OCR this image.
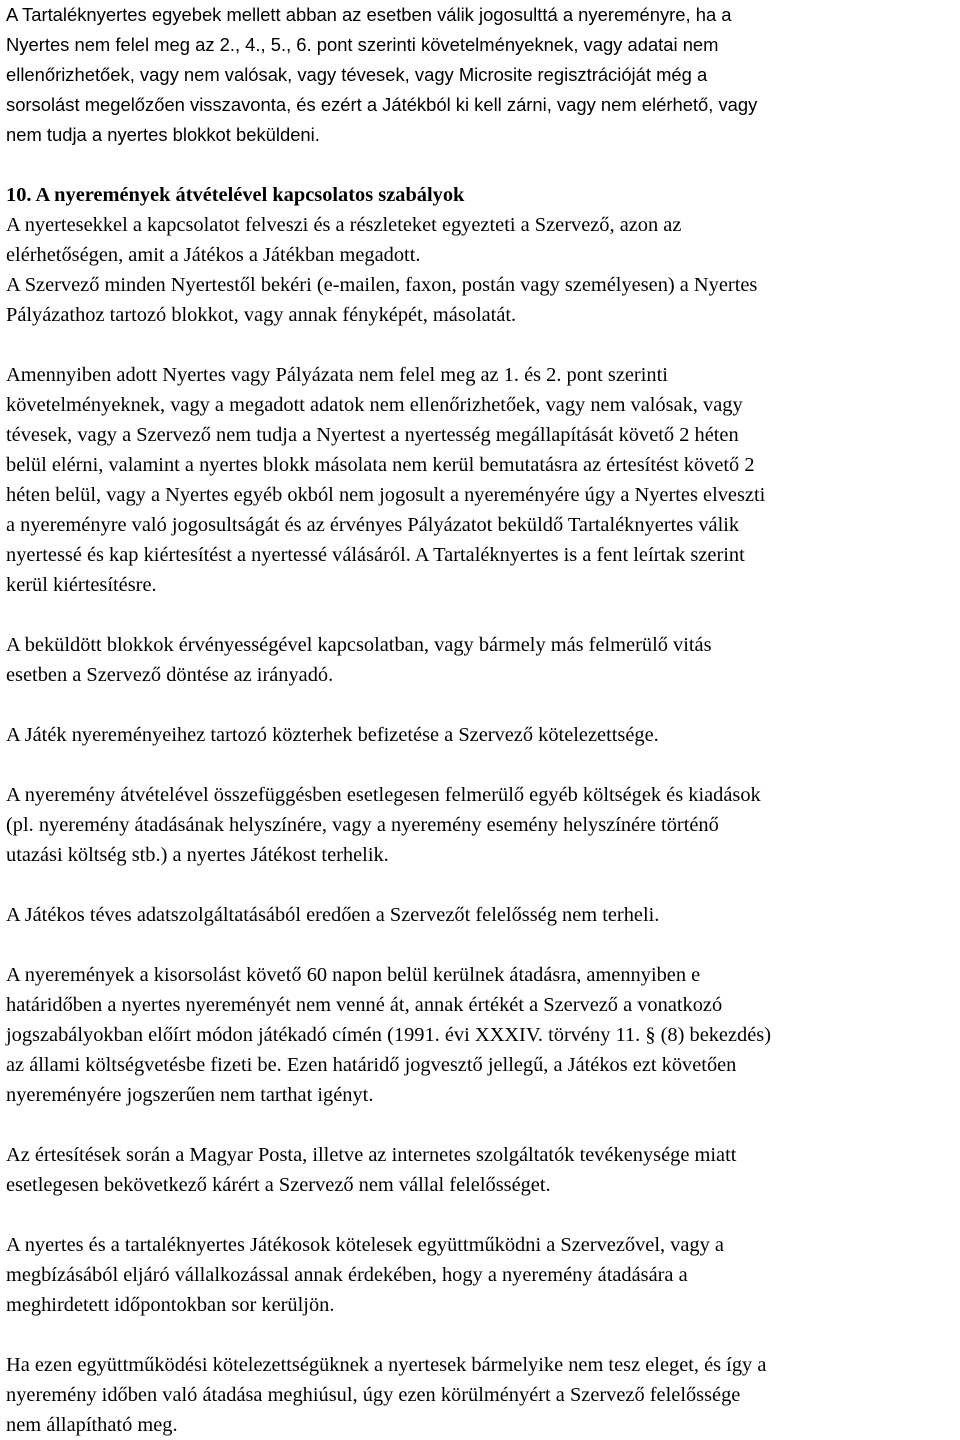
A Tartaléknyertes egyebek mellett abban az esetben válik jogosulttá a nyereményre, ha a
Nyertes nem felel meg az 2., 4., 5., 6. pont szerinti követelményeknek, vagy adatai nem
ellenőrizhetőek, vagy nem valósak, vagy tévesek, vagy Microsite regisztrációját még a
sorsolást megelőzően visszavonta, és ezért a Játékból ki kell zárni, vagy nem elérhető, vagy
nem tudja a nyertes blokkot beküldeni.
10. A nyeremények átvételével kapcsolatos szabályok
A nyertesekkel a kapcsolatot felveszi és a részleteket egyezteti a Szervező, azon az
elérhetőségen, amit a Játékos a Játékban megadott.
A Szervező minden Nyertestől bekéri (e-mailen, faxon, postán vagy személyesen) a Nyertes
Pályázathoz tartozó blokkot, vagy annak fényképét, másolatát.
Amennyiben adott Nyertes vagy Pályázata nem felel meg az 1. és 2. pont szerinti
követelményeknek, vagy a megadott adatok nem ellenőrizhetőek, vagy nem valósak, vagy
tévesek, vagy a Szervező nem tudja a Nyertest a nyertesség megállapítását követő 2 héten
belül elérni, valamint a nyertes blokk másolata nem kerül bemutatásra az értesítést követő 2
héten belül, vagy a Nyertes egyéb okból nem jogosult a nyereményére úgy a Nyertes elveszti
a nyereményre való jogosultságát és az érvényes Pályázatot beküldő Tartaléknyertes válik
nyertessé és kap kiértesítést a nyertessé válásáról. A Tartaléknyertes is a fent leírtak szerint
kerül kiértesítésre.
A beküldött blokkok érvényességével kapcsolatban, vagy bármely más felmerülő vitás
esetben a Szervező döntése az irányadó.
A Játék nyereményeihez tartozó közterhek befizetése a Szervező kötelezettsége.
A nyeremény átvételével összefüggésben esetlegesen felmerülő egyéb költségek és kiadások
(pl. nyeremény átadásának helyszínére, vagy a nyeremény esemény helyszínére történő
utazási költség stb.) a nyertes Játékost terhelik.
A Játékos téves adatszolgáltatásából eredően a Szervezőt felelősség nem terheli.
A nyeremények a kisorsolást követő 60 napon belül kerülnek átadásra, amennyiben e
határidőben a nyertes nyereményét nem venné át, annak értékét a Szervező a vonatkozó
jogszabályokban előírt módon játékadó címén (1991. évi XXXIV. törvény 11. § (8) bekezdés)
az állami költségvetésbe fizeti be. Ezen határidő jogvesztő jellegű, a Játékos ezt követően
nyereményére jogszerűen nem tarthat igényt.
Az értesítések során a Magyar Posta, illetve az internetes szolgáltatók tevékenysége miatt
esetlegesen bekövetkező kárért a Szervező nem vállal felelősséget.
A nyertes és a tartaléknyertes Játékosok kötelesek együttműködni a Szervezővel, vagy a
megbízásából eljáró vállalkozással annak érdekében, hogy a nyeremény átadására a
meghirdetett időpontokban sor kerüljön.
Ha ezen együttműködési kötelezettségüknek a nyertesek bármelyike nem tesz eleget, és így a
nyeremény időben való átadása meghiúsul, úgy ezen körülményért a Szervező felelőssége
nem állapítható meg.
